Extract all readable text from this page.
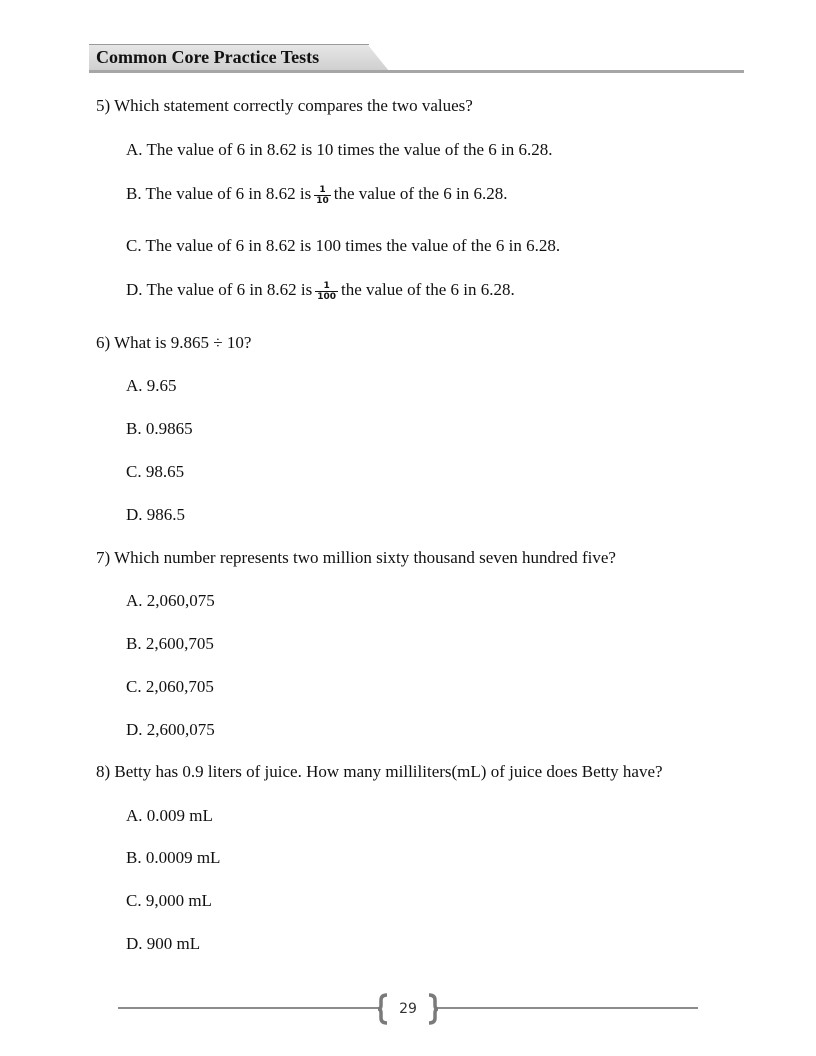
Common Core Practice Tests
5) Which statement correctly compares the two values?
A. The value of 6 in 8.62 is 10 times the value of the 6 in 6.28.
B. The value of 6 in 8.62 is $\frac{1}{10}$ the value of the 6 in 6.28.
C. The value of 6 in 8.62 is 100 times the value of the 6 in 6.28.
D. The value of 6 in 8.62 is $\frac{1}{100}$ the value of the 6 in 6.28.
6) What is 9.865 ÷ 10?
A. 9.65
B. 0.9865
C. 98.65
D. 986.5
7) Which number represents two million sixty thousand seven hundred five?
A. 2,060,075
B. 2,600,705
C. 2,060,705
D. 2,600,075
8) Betty has 0.9 liters of juice. How many milliliters(mL) of juice does Betty have?
A. 0.009 mL
B. 0.0009 mL
C. 9,000 mL
D. 900 mL
29
